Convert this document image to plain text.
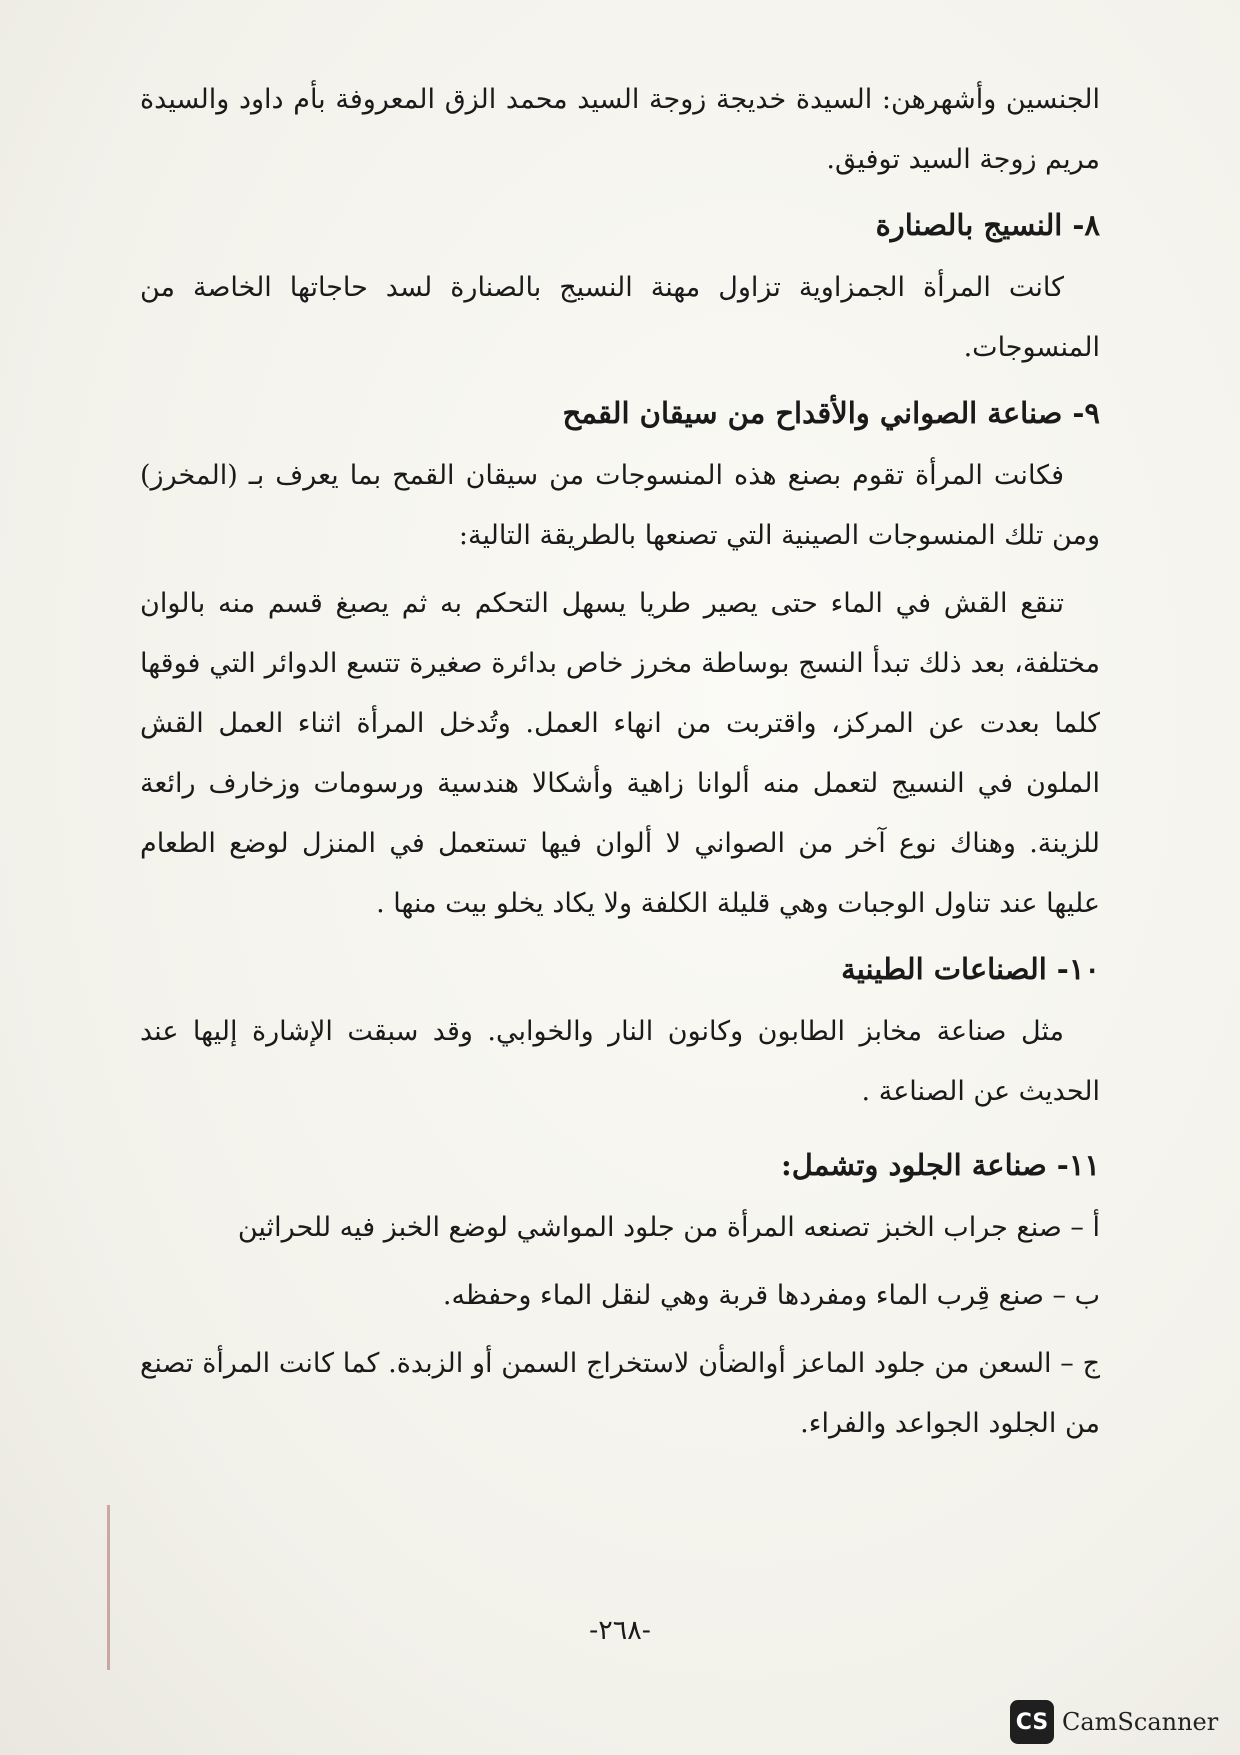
الجنسين وأشهرهن: السيدة خديجة زوجة السيد محمد الزق المعروفة بأم داود والسيدة مريم زوجة السيد توفيق.

٨-النسيج بالصنارة

كانت المرأة الجمزاوية تزاول مهنة النسيج بالصنارة لسد حاجاتها الخاصة من المنسوجات.

٩-صناعة الصواني والأقداح من سيقان القمح

فكانت المرأة تقوم بصنع هذه المنسوجات من سيقان القمح بما يعرف بـ (المخرز) ومن تلك المنسوجات الصينية التي تصنعها بالطريقة التالية:

تنقع القش في الماء حتى يصير طريا يسهل التحكم به ثم يصبغ قسم منه بالوان مختلفة، بعد ذلك تبدأ النسج بوساطة مخرز خاص بدائرة صغيرة تتسع الدوائر التي فوقها كلما بعدت عن المركز، واقتربت من انهاء العمل. وتُدخل المرأة اثناء العمل القش الملون في النسيج لتعمل منه ألوانا زاهية وأشكالا هندسية ورسومات وزخارف رائعة للزينة. وهناك نوع آخر من الصواني لا ألوان فيها تستعمل في المنزل لوضع الطعام عليها عند تناول الوجبات وهي قليلة الكلفة ولا يكاد يخلو بيت منها .

١٠-الصناعات الطينية

مثل صناعة مخابز الطابون وكانون النار والخوابي. وقد سبقت الإشارة إليها عند الحديث عن الصناعة .

١١-صناعة الجلود وتشمل:

أ – صنع جراب الخبز تصنعه المرأة من جلود المواشي لوضع الخبز فيه للحراثين

ب – صنع قِرب الماء ومفردها قربة وهي لنقل الماء وحفظه.

ج – السعن من جلود الماعز أوالضأن لاستخراج السمن أو الزبدة. كما كانت المرأة تصنع من الجلود الجواعد والفراء.

-٢٦٨-
CS CamScanner
